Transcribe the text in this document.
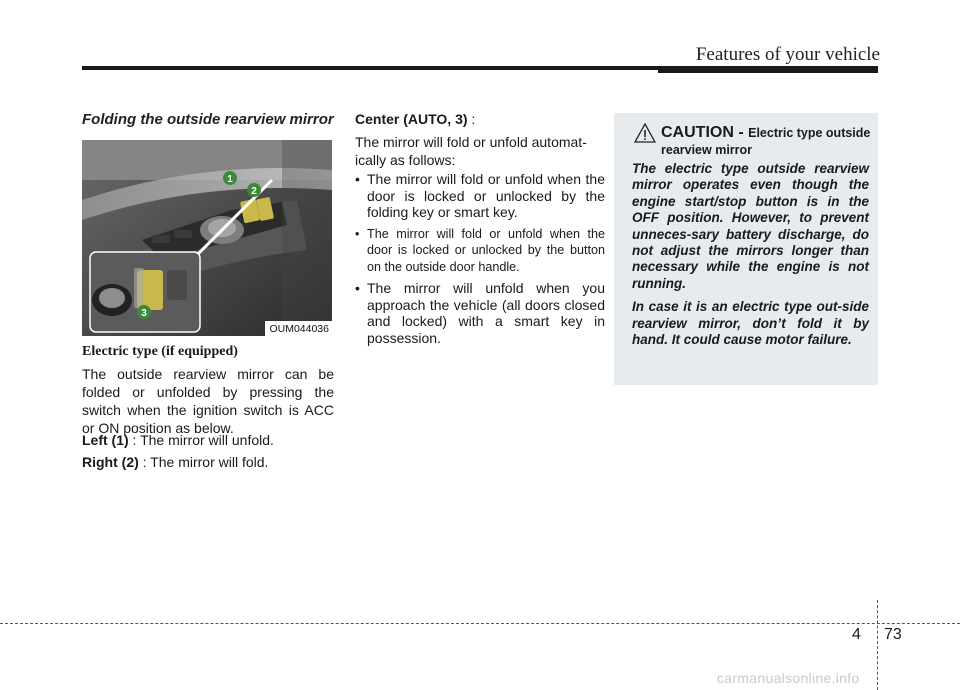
Features of your vehicle
Folding the outside rearview mirror
1
2
3
OUM044036
Electric type (if equipped)
The outside rearview mirror can be folded or unfolded by pressing the switch when the ignition switch is ACC or ON position as below.
Left (1) : The mirror will unfold.
Right (2) : The mirror will fold.
Center (AUTO, 3) :
The mirror will fold or unfold automat-ically as follows:
• The mirror will fold or unfold when the door is locked or unlocked by the folding key or smart key.
• The mirror will fold or unfold when the door is locked or unlocked by the button on the outside door handle.
• The mirror will unfold when you approach the vehicle (all doors closed and locked) with a smart key in possession.
CAUTION - Electric type outside rearview mirror

The electric type outside rearview mirror operates even though the engine start/stop button is in the OFF position. However, to prevent unneces-sary battery discharge, do not adjust the mirrors longer than necessary while the engine is not running.

In case it is an electric type out-side rearview mirror, don’t fold it by hand. It could cause motor failure.

4 73
carmanualsonline.info
